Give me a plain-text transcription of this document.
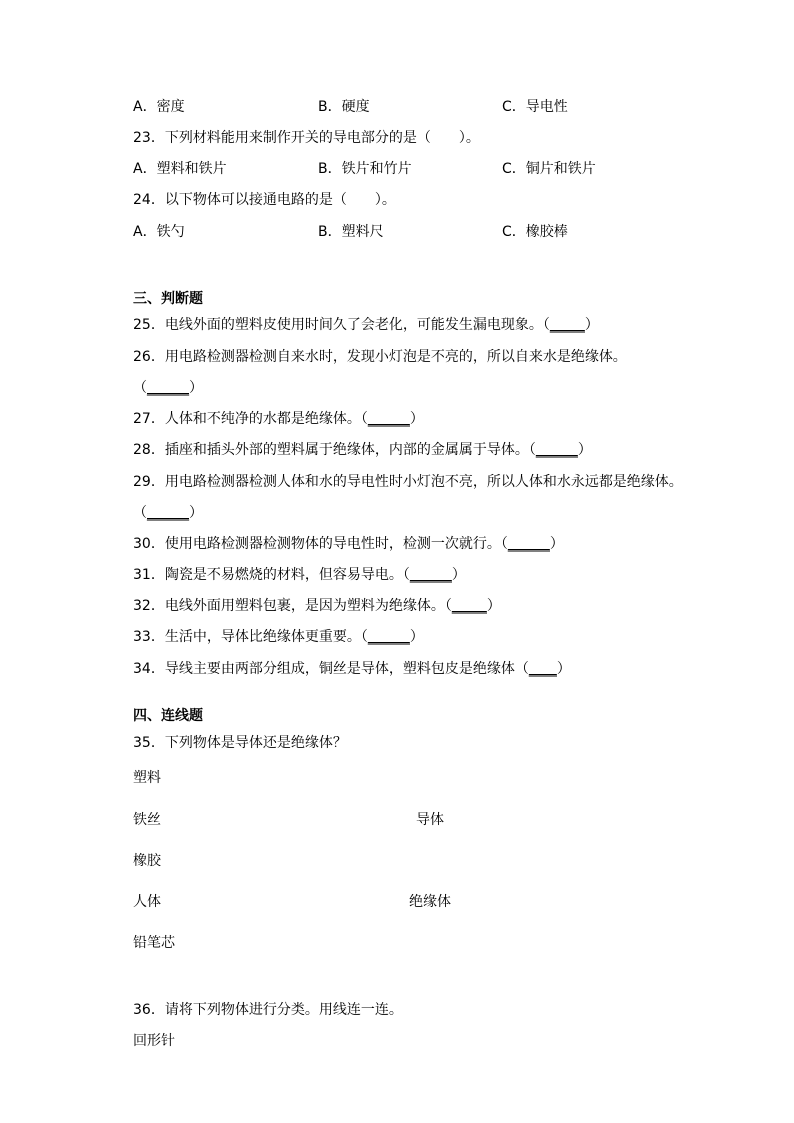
A．密度	B．硬度	C．导电性
23．下列材料能用来制作开关的导电部分的是（　　）。
A．塑料和铁片	B．铁片和竹片	C．铜片和铁片
24．以下物体可以接通电路的是（　　）。
A．铁勺	B．塑料尺	C．橡胶棒
三、判断题
25．电线外面的塑料皮使用时间久了会老化，可能发生漏电现象。（_____）
26．用电路检测器检测自来水时，发现小灯泡是不亮的，所以自来水是绝缘体。
（______）
27．人体和不纯净的水都是绝缘体。（______）
28．插座和插头外部的塑料属于绝缘体，内部的金属属于导体。（______）
29．用电路检测器检测人体和水的导电性时小灯泡不亮，所以人体和水永远都是绝缘体。
（______）
30．使用电路检测器检测物体的导电性时，检测一次就行。（______）
31．陶瓷是不易燃烧的材料，但容易导电。（______）
32．电线外面用塑料包裹，是因为塑料为绝缘体。（_____）
33．生活中，导体比绝缘体更重要。（______）
34．导线主要由两部分组成，铜丝是导体，塑料包皮是绝缘体（____）
四、连线题
35．下列物体是导体还是绝缘体？
塑料
铁丝	导体
橡胶
人体	绝缘体
铅笔芯
36．请将下列物体进行分类。用线连一连。
回形针
